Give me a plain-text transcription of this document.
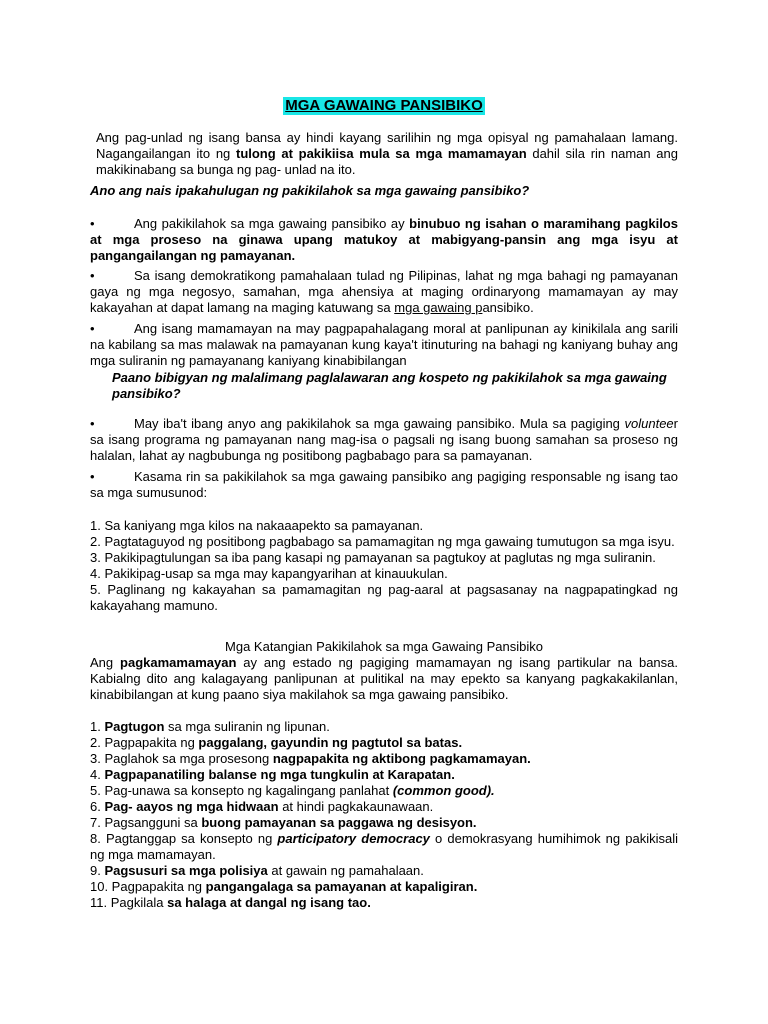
MGA GAWAING PANSIBIKO
Ang pag-unlad ng isang bansa ay hindi kayang sarilihin ng mga opisyal ng pamahalaan lamang. Nagangailangan ito ng tulong at pakikiisa mula sa mga mamamayan dahil sila rin naman ang makikinabang sa bunga ng pag- unlad na ito.
Ano ang nais ipakahulugan ng pakikilahok sa mga gawaing pansibiko?
•	Ang pakikilahok sa mga gawaing pansibiko ay binubuo ng isahan o maramihang pagkilos at mga proseso na ginawa upang matukoy at mabigyang-pansin ang mga isyu at pangangailangan ng pamayanan.
•	Sa isang demokratikong pamahalaan tulad ng Pilipinas, lahat ng mga bahagi ng pamayanan gaya ng mga negosyo, samahan, mga ahensiya at maging ordinaryong mamamayan ay may kakayahan at dapat lamang na maging katuwang sa mga gawaing pansibiko.
•	Ang isang mamamayan na may pagpapahalagang moral at panlipunan ay kinikilala ang sarili na kabilang sa mas malawak na pamayanan kung kaya't itinuturing na bahagi ng kaniyang buhay ang mga suliranin ng pamayanang kaniyang kinabibilangan
Paano bibigyan ng malalimang paglalawaran ang kospeto ng pakikilahok sa mga gawaing pansibiko?
•	May iba't ibang anyo ang pakikilahok sa mga gawaing pansibiko. Mula sa pagiging volunteer sa isang programa ng pamayanan nang mag-isa o pagsali ng isang buong samahan sa proseso ng halalan, lahat ay nagbubunga ng positibong pagbabago para sa pamayanan.
•	Kasama rin sa pakikilahok sa mga gawaing pansibiko ang pagiging responsable ng isang tao sa mga sumusunod:
1. Sa kaniyang mga kilos na nakaaapekto sa pamayanan.
2. Pagtataguyod ng positibong pagbabago sa pamamagitan ng mga gawaing tumutugon sa mga isyu.
3. Pakikipagtulungan sa iba pang kasapi ng pamayanan sa pagtukoy at paglutas ng mga suliranin.
4. Pakikipag-usap sa mga may kapangyarihan at kinauukulan.
5. Paglinang ng kakayahan sa pamamagitan ng pag-aaral at pagsasanay na nagpapatingkad ng kakayahang mamuno.
Mga Katangian Pakikilahok sa mga Gawaing Pansibiko
Ang pagkamamamayan ay ang estado ng pagiging mamamayan ng isang partikular na bansa. Kabialng dito ang kalagayang panlipunan at pulitikal na may epekto sa kanyang pagkakakilanlan, kinabibilangan at kung paano siya makilahok sa mga gawaing pansibiko.
1. Pagtugon sa mga suliranin ng lipunan.
2. Pagpapakita ng paggalang, gayundin ng pagtutol sa batas.
3. Paglahok sa mga prosesong nagpapakita ng aktibong pagkamamayan.
4. Pagpapanatiling balanse ng mga tungkulin at Karapatan.
5. Pag-unawa sa konsepto ng kagalingang panlahat (common good).
6. Pag- aayos ng mga hidwaan at hindi pagkakaunawaan.
7. Pagsangguni sa buong pamayanan sa paggawa ng desisyon.
8. Pagtanggap sa konsepto ng participatory democracy o demokrasyang humihimok ng pakikisali ng mga mamamayan.
9. Pagsusuri sa mga polisiya at gawain ng pamahalaan.
10. Pagpapakita ng pangangalaga sa pamayanan at kapaligiran.
11. Pagkilala sa halaga at dangal ng isang tao.
